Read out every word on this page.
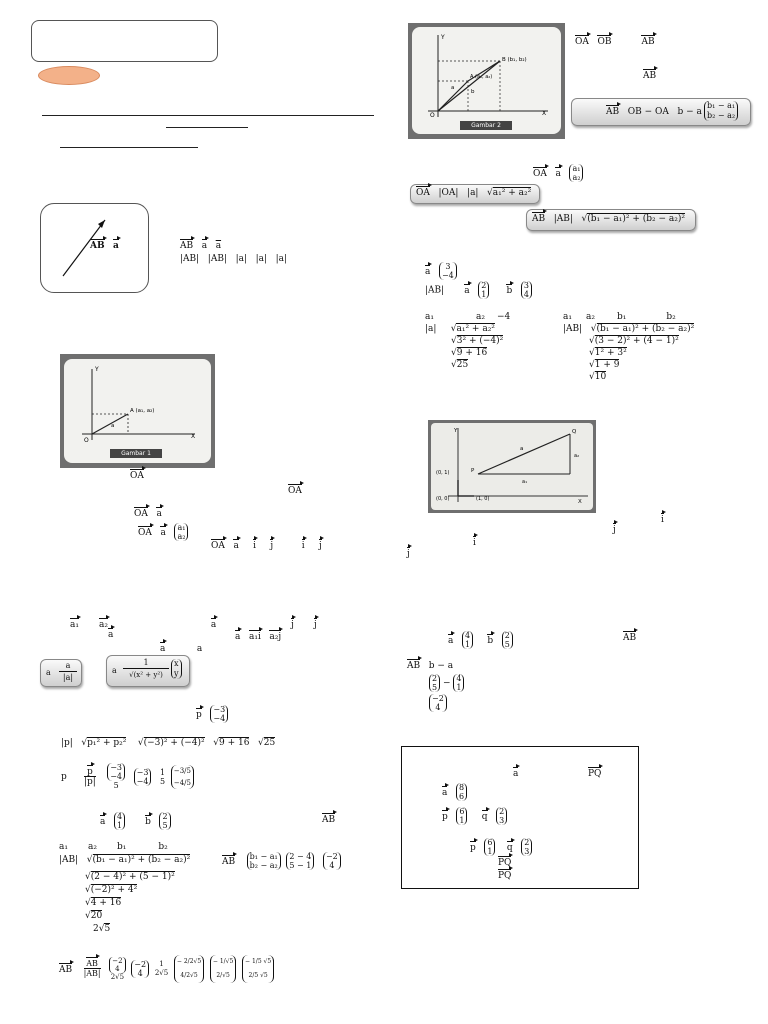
AB a	AB a $\overline{a}$
|AB| |AB| |a| |a| |a|
Y
X
O
A (a₁, a₂)
a
Gambar 1
OA
OA
OA a
OA a a₁
a₂
OA a i j	i j
a₁ a₂	a	j j
a	a a₁i a₂j
a	a
a
a
|a|
a
1
√(x² + y²)
x
y
p −3
−4
|p| √p₁² + p₂² √(−3)² + (−4)² √9 + 16 √25
p $\frac{p}{|p|} -3$
−4
5   −3
−4   1
5  −3/5
−4/5
a 4
1	b 2
5
AB
a₁ a₂ b₁	b₂
|AB|   √(b₁ − a₁)² + (b₂ − a₂)²
√(2 − 4)² + (5 − 1)²
√(−2)² + 4²
√4 + 16
√20
2√5
AB b₁ − a₁
b₂ − a₂  2 − 4
5 − 1   −2
4
AB $\frac{AB}{|AB|} -2$
4
2√5  −2
4  1
2√5  − 2/2√5
4/2√5  − 1/√5
2/√5  − 1/5 √5
2/5 √5
Y
X
O
B (b₁, b₂)
A (a₁, a₂)
a
b
Gambar 2
OA OB	AB
AB
AB OB − OA b − a
b₁ − a₁
b₂ − a₂
OA a a₁
a₂
OA |OA| |a|   √a₁² + a₂²
AB |AB|   √(b₁ − a₁)² + (b₂ − a₂)²
a 3
−4
|AB| a 2
1 b 3
4
a₁	a₂ −4
|a|     √a₁² + a₂²
√3² + (−4)²
√9 + 16
√25
a₁ a₂ b₁	b₂
|AB|   √(b₁ − a₁)² + (b₂ − a₂)²
√(3 − 2)² + (4 − 1)²
√1² + 3²
√1 + 9
√10
Y
X
Q
P
a
a₁
a₂
(0, 1)
(0, 0)	(1, 0)
i
j
i
j
a 4
1 b 2
5
AB
AB b − a
2
5 − 4
1
−2
4
a	PQ
a 8
6
p 6
1 q 2
3
p 6
1 q 2
3
PQ
PQ
